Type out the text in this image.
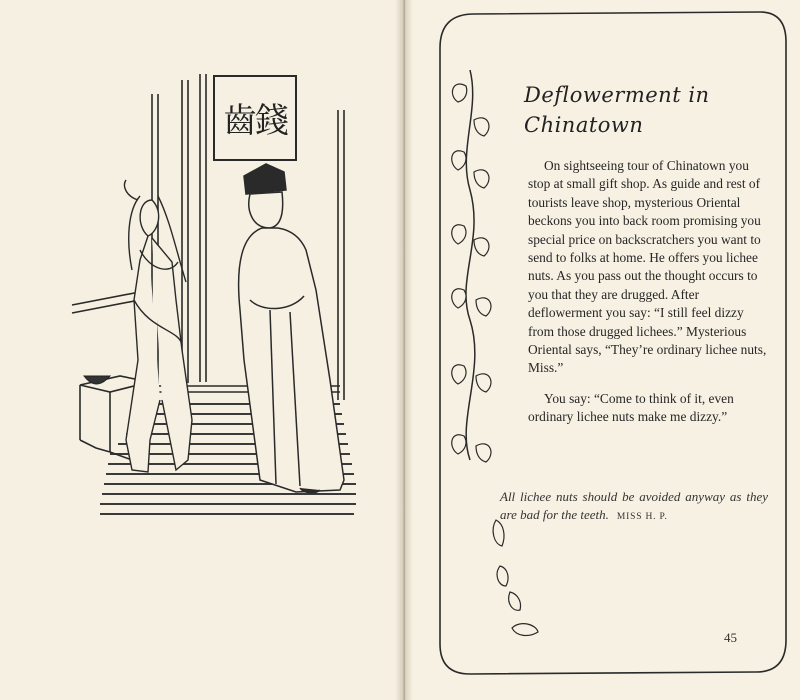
齒錢
Deflowerment in
Chinatown

On sightseeing tour of Chinatown you stop at small gift shop. As guide and rest of tourists leave shop, mysterious Oriental beckons you into back room promising you special price on backscratchers you want to send to folks at home. He offers you lichee nuts. As you pass out the thought occurs to you that they are drugged. After deflowerment you say: “I still feel dizzy from those drugged lichees.” Mysterious Oriental says, “They’re ordinary lichee nuts, Miss.”

You say: “Come to think of it, even ordinary lichee nuts make me dizzy.”

All lichee nuts should be avoided anyway as they are bad for the teeth. MISS H. P.
45
